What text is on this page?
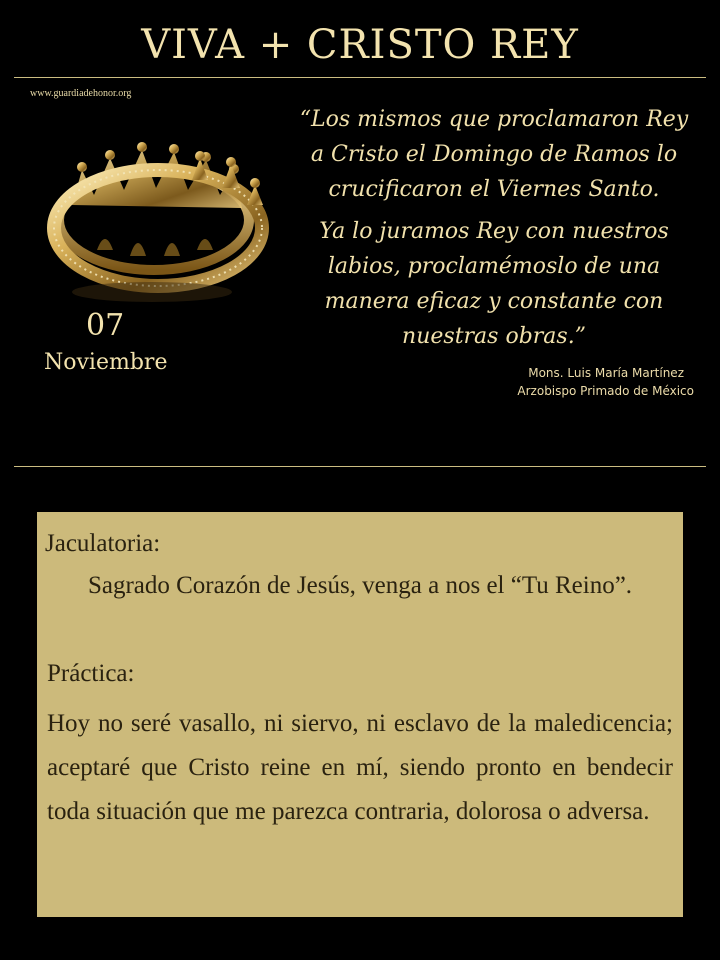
VIVA + CRISTO REY
www.guardiadehonor.org
07
Noviembre

“Los mismos que proclamaron Rey a Cristo el Domingo de Ramos lo crucificaron el Viernes Santo.

Ya lo juramos Rey con nuestros labios, proclamémoslo de una manera eficaz y constante con nuestras obras.”

Mons. Luis María Martínez
Arzobispo Primado de México
Jaculatoria:
Sagrado Corazón de Jesús, venga a nos el “Tu Reino”.
Práctica:
Hoy no seré vasallo, ni siervo, ni esclavo de la maledicencia; aceptaré que Cristo reine en mí, siendo pronto en bendecir toda situación que me parezca contraria, dolorosa o adversa.
